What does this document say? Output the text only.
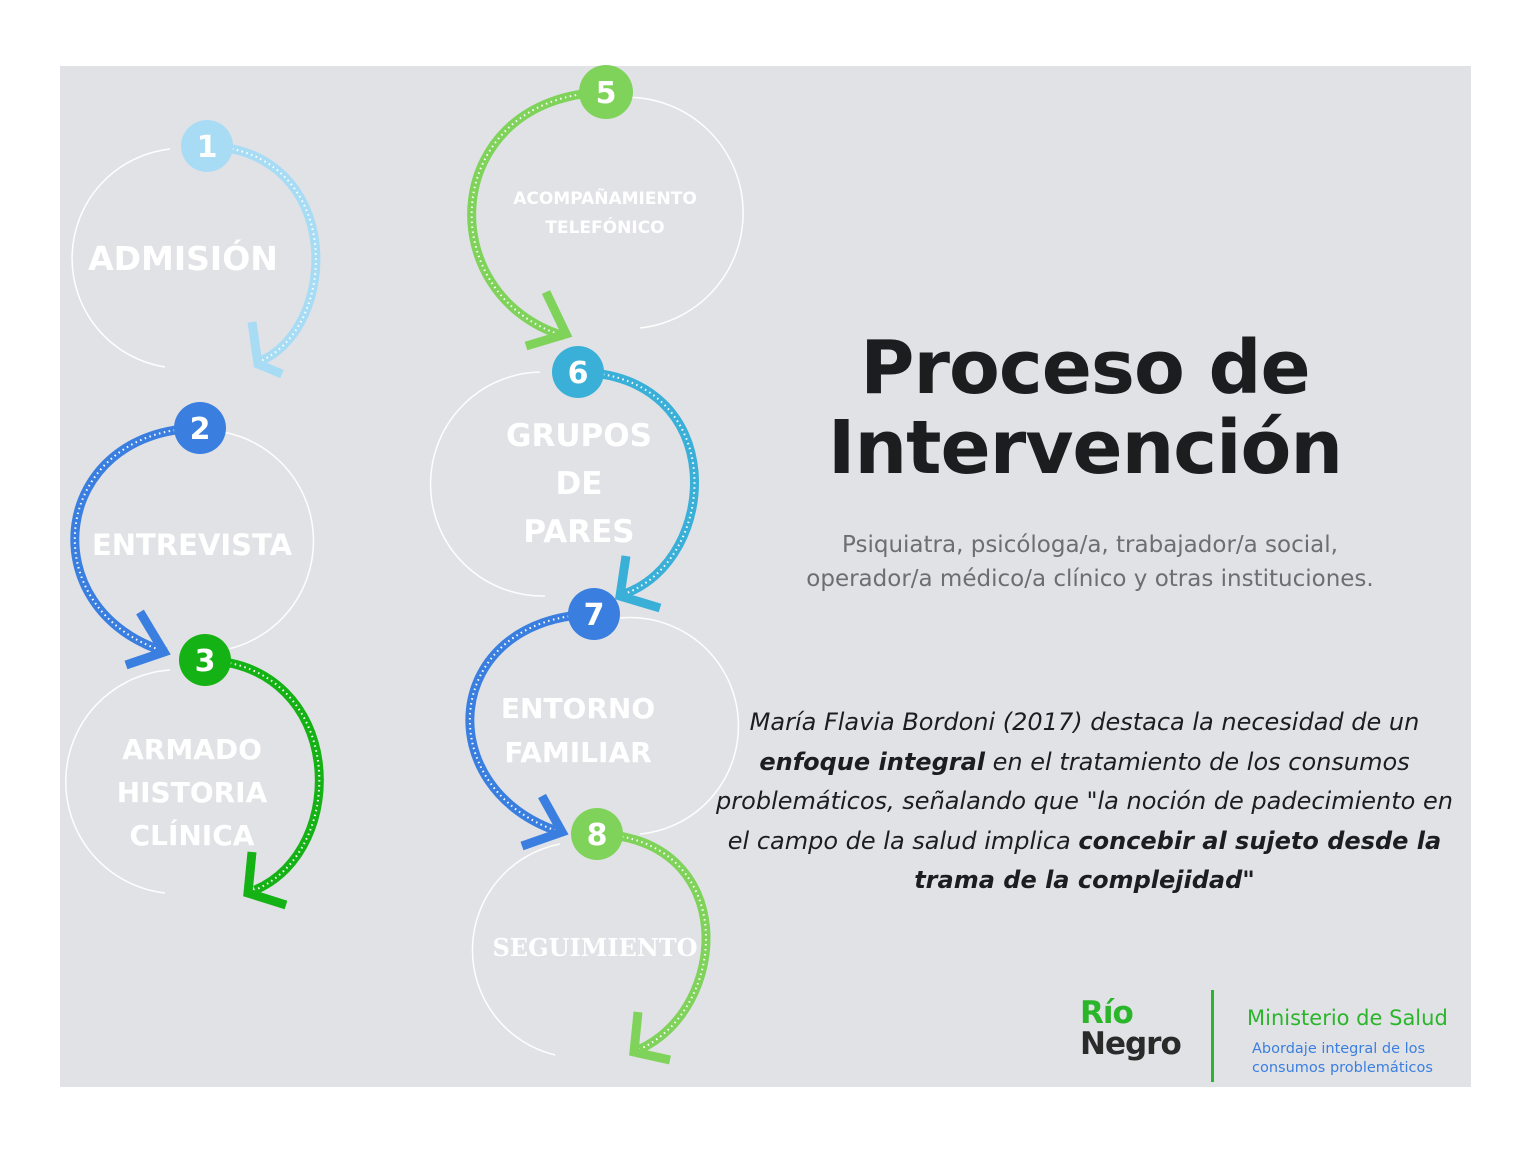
1
2
3
5
6
7
8
ADMISIÓN
ENTREVISTA
ARMADO
HISTORIA
CLÍNICA
ACOMPAÑAMIENTO
TELEFÓNICO
GRUPOS
DE
PARES
ENTORNO
FAMILIAR
SEGUIMIENTO
Proceso de
Intervención
Psiquiatra, psicóloga/a, trabajador/a social,
operador/a médico/a clínico y otras instituciones.
María Flavia Bordoni (2017) destaca la necesidad de un enfoque integral en el tratamiento de los consumos problemáticos, señalando que "la noción de padecimiento en el campo de la salud implica concebir al sujeto desde la trama de la complejidad"
Río
Negro
Ministerio de Salud
Abordaje integral de los
consumos problemáticos
